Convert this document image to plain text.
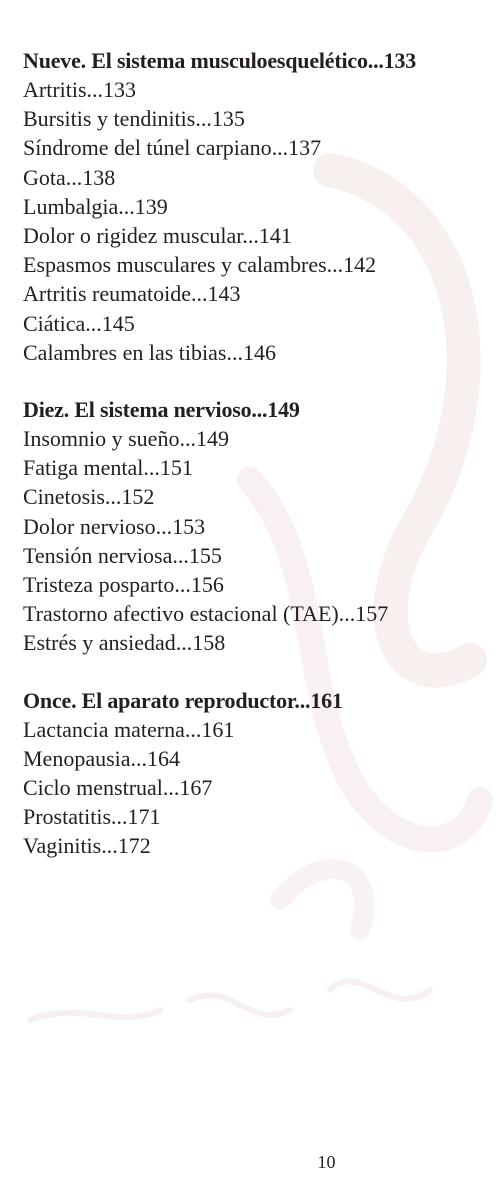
Nueve. El sistema musculoesquelético...133
Artritis...133
Bursitis y tendinitis...135
Síndrome del túnel carpiano...137
Gota...138
Lumbalgia...139
Dolor o rigidez muscular...141
Espasmos musculares y calambres...142
Artritis reumatoide...143
Ciática...145
Calambres en las tibias...146
Diez. El sistema nervioso...149
Insomnio y sueño...149
Fatiga mental...151
Cinetosis...152
Dolor nervioso...153
Tensión nerviosa...155
Tristeza posparto...156
Trastorno afectivo estacional (TAE)...157
Estrés y ansiedad...158
Once. El aparato reproductor...161
Lactancia materna...161
Menopausia...164
Ciclo menstrual...167
Prostatitis...171
Vaginitis...172
10
